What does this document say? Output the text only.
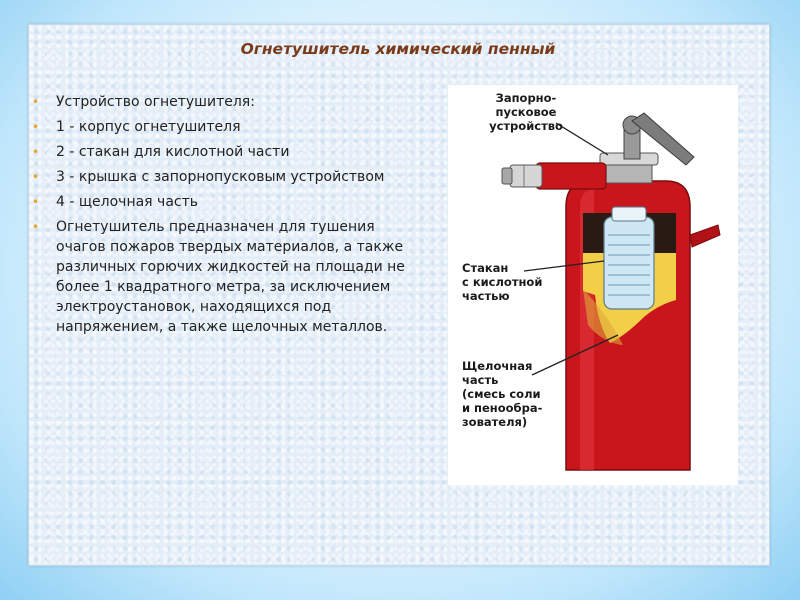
Огнетушитель химический пенный
• Устройство огнетушителя:
• 1 - корпус огнетушителя
• 2 - стакан для кислотной части
• 3 - крышка с запорнопусковым устройством
• 4 - щелочная часть
• Огнетушитель предназначен для тушения очагов пожаров твердых материалов, а также различных горючих жидкостей на площади не более 1 квадратного метра, за исключением электроустановок, находящихся под напряжением, а также щелочных металлов.
Запорно-
пусковое
устройство
Стакан
с кислотной
частью
Щелочная
часть
(смесь соли
и пенообра-
зователя)
